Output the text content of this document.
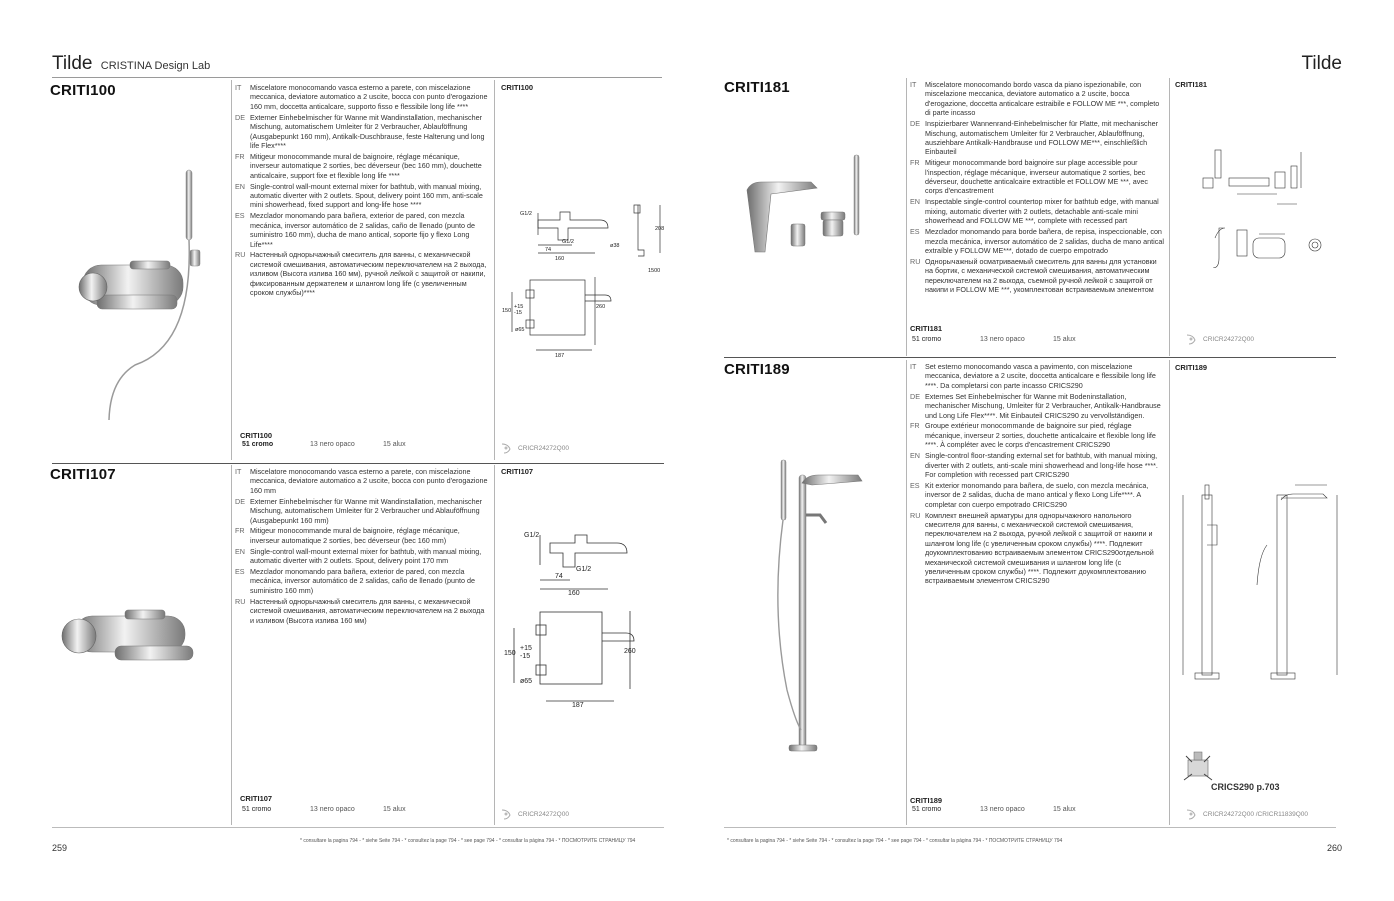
Tilde CRISTINA Design Lab
CRITI100	IT	Miscelatore monocomando vasca esterno a parete, con miscelazione meccanica, deviatore automatico a 2 uscite, bocca con punto d'erogazione 160 mm, doccetta anticalcare, supporto fisso e flessibile long life ****
DE Externer Einhebelmischer für Wanne mit Wandinstallation, mechanischer Mischung, automatischem Umleiter für 2 Verbraucher, Ablauföffnung (Ausgabepunkt 160 mm), Antikalk-Duschbrause, feste Halterung und long life Flex****
FR Mitigeur monocommande mural de baignoire, réglage mécanique, inverseur automatique 2 sorties, bec déverseur (bec 160 mm), douchette anticalcaire, support fixe et flexible long life ****
EN Single-control wall-mount external mixer for bathtub, with manual mixing, automatic diverter with 2 outlets. Spout, delivery point 160 mm, anti-scale mini showerhead, fixed support and long-life hose ****
ES Mezclador monomando para bañera, exterior de pared, con mezcla mecánica, inversor automático de 2 salidas, caño de llenado (punto de suministro 160 mm), ducha de mano antical, soporte fijo y flexo Long Life****
RU Настенный однорычажный смеситель для ванны, с механической системой смешивания, автоматическим переключателем на 2 выхода, изливом (Высота излива 160 мм), ручной лейкой с защитой от накипи, фиксированным держателем и шлангом long life (с увеличенным сроком службы)****
CRITI100
G1/2
G1/2
74
160
208
ø38
1500
150
+15
-15
ø65
260
187
CRITI100
51 cromo	13 nero opaco	15 alux	CRICR24272Q00
CRITI107	IT	Miscelatore monocomando vasca esterno a parete, con miscelazione meccanica, deviatore automatico a 2 uscite, bocca con punto d'erogazione 160 mm
DE Externer Einhebelmischer für Wanne mit Wandinstallation, mechanischer Mischung, automatischem Umleiter für 2 Verbraucher und Ablauföffnung (Ausgabepunkt 160 mm)
FR Mitigeur monocommande mural de baignoire, réglage mécanique, inverseur automatique 2 sorties, bec déverseur (bec 160 mm)
EN Single-control wall-mount external mixer for bathtub, with manual mixing, automatic diverter with 2 outlets. Spout, delivery point 170 mm
ES Mezclador monomando para bañera, exterior de pared, con mezcla mecánica, inversor automático de 2 salidas, caño de llenado (punto de suministro 160 mm)
RU Настенный однорычажный смеситель для ванны, с механической системой смешивания, автоматическим переключателем на 2 выхода и изливом (Высота излива 160 мм)
CRITI107
G1/2
G1/2
74
160
150
+15
-15
ø65
260
187
CRITI107
51 cromo	13 nero opaco	15 alux
CRICR24272Q00
259
* consultare la pagina 794 - * siehe Seite 794 - * consultez la page 794 - * see page 794 - * consultar la página 794 - * ПОСМОТРИТЕ СТРАНИЦУ 794
Tilde
CRITI181	IT	Miscelatore monocomando bordo vasca da piano ispezionabile, con miscelazione meccanica, deviatore automatico a 2 uscite, bocca d'erogazione, doccetta anticalcare estraibile e FOLLOW ME ***, completo di parte incasso
DE Inspizierbarer Wannenrand-Einhebelmischer für Platte, mit mechanischer Mischung, automatischem Umleiter für 2 Verbraucher, Ablauföffnung, ausziehbare Antikalk-Handbrause und FOLLOW ME***, einschließlich Einbauteil
FR Mitigeur monocommande bord baignoire sur plage accessible pour l'inspection, réglage mécanique, inverseur automatique 2 sorties, bec déverseur, douchette anticalcaire extractible et FOLLOW ME ***, avec corps d'encastrement
EN Inspectable single-control countertop mixer for bathtub edge, with manual mixing, automatic diverter with 2 outlets, detachable anti-scale mini showerhead and FOLLOW ME ***, complete with recessed part
ES Mezclador monomando para borde bañera, de repisa, inspeccionable, con mezcla mecánica, inversor automático de 2 salidas, ducha de mano antical extraíble y FOLLOW ME***, dotado de cuerpo empotrado
RU Однорычажный осматриваемый смеситель для ванны для установки на бортик, с механической системой смешивания, автоматическим переключателем на 2 выхода, съемной ручной лейкой с защитой от накипи и FOLLOW ME ***, укомплектован встраиваемым элементом
CRITI181
CRITI181
51 cromo	13 nero opaco	15 alux	CRICR24272Q00
CRITI189	IT	Set esterno monocomando vasca a pavimento, con miscelazione meccanica, deviatore a 2 uscite, doccetta anticalcare e flessibile long life ****. Da completarsi con parte incasso CRICS290
DE Externes Set Einhebelmischer für Wanne mit Bodeninstallation, mechanischer Mischung, Umleiter für 2 Verbraucher, Antikalk-Handbrause und Long Life Flex****. Mit Einbauteil CRICS290 zu vervollständigen.
FR Groupe extérieur monocommande de baignoire sur pied, réglage mécanique, inverseur 2 sorties, douchette anticalcaire et flexible long life ****. À compléter avec le corps d'encastrement CRICS290
EN Single-control floor-standing external set for bathtub, with manual mixing, diverter with 2 outlets, anti-scale mini showerhead and long-life hose ****. For completion with recessed part CRICS290
ES Kit exterior monomando para bañera, de suelo, con mezcla mecánica, inversor de 2 salidas, ducha de mano antical y flexo Long Life****. A completar con cuerpo empotrado CRICS290
RU Комплект внешней арматуры для однорычажного напольного смесителя для ванны, с механической системой смешивания, переключателем на 2 выхода, ручной лейкой с защитой от накипи и шлангом long life (с увеличенным сроком службы) ****. Подлежит доукомплектованию встраиваемым элементом CRICS290отдельной механической системой смешивания и шлангом long life (с увеличенным сроком службы) ****. Подлежит доукомплектованию встраиваемым элементом CRICS290
CRITI189
CRICS290 p.703
CRITI189
51 cromo	13 nero opaco	15 alux
CRICR24272Q00 /CRICR11839Q00
* consultare la pagina 794 - * siehe Seite 794 - * consultez la page 794 - * see page 794 - * consultar la página 794 - * ПОСМОТРИТЕ СТРАНИЦУ 794
260
